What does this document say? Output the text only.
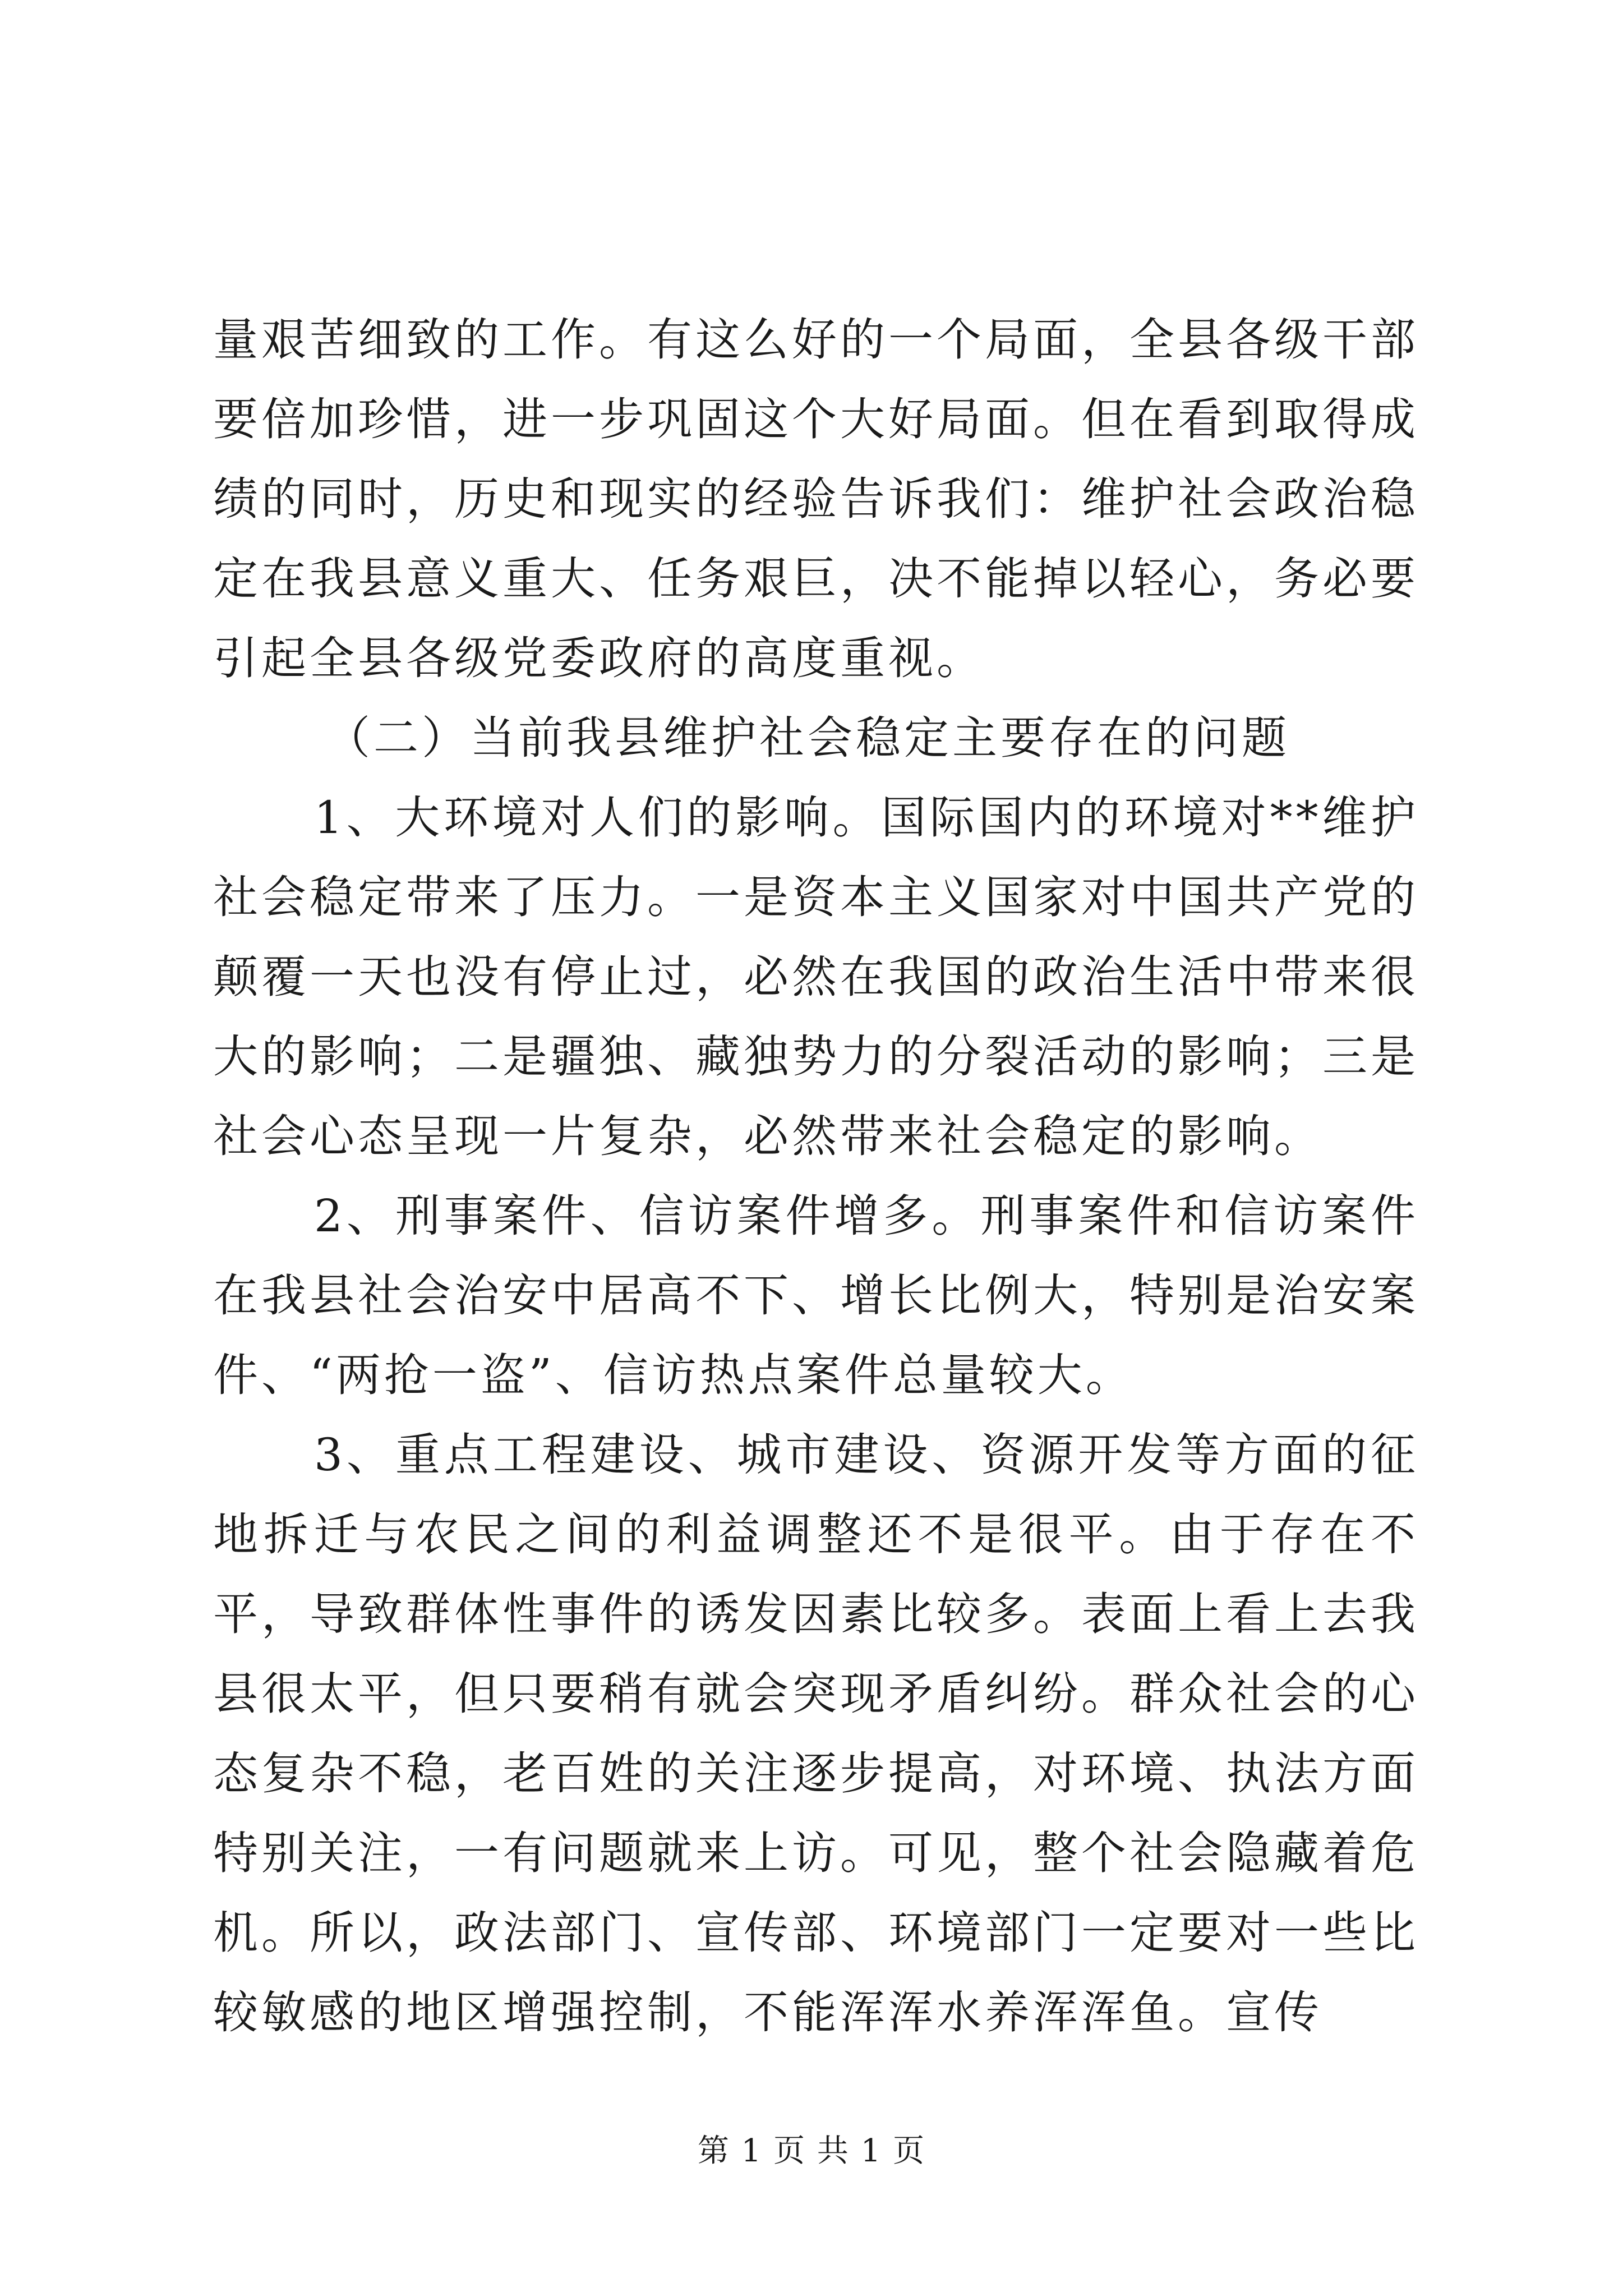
量艰苦细致的工作。有这么好的一个局面，全县各级干部要倍加珍惜，进一步巩固这个大好局面。但在看到取得成绩的同时，历史和现实的经验告诉我们：维护社会政治稳定在我县意义重大、任务艰巨，决不能掉以轻心，务必要引起全县各级党委政府的高度重视。

（二）当前我县维护社会稳定主要存在的问题

1、大环境对人们的影响。国际国内的环境对**维护社会稳定带来了压力。一是资本主义国家对中国共产党的颠覆一天也没有停止过，必然在我国的政治生活中带来很大的影响；二是疆独、藏独势力的分裂活动的影响；三是社会心态呈现一片复杂，必然带来社会稳定的影响。

2、刑事案件、信访案件增多。刑事案件和信访案件在我县社会治安中居高不下、增长比例大，特别是治安案件、“两抢一盗”、信访热点案件总量较大。

3、重点工程建设、城市建设、资源开发等方面的征地拆迁与农民之间的利益调整还不是很平。由于存在不平，导致群体性事件的诱发因素比较多。表面上看上去我县很太平，但只要稍有就会突现矛盾纠纷。群众社会的心态复杂不稳，老百姓的关注逐步提高，对环境、执法方面特别关注，一有问题就来上访。可见，整个社会隐藏着危机。所以，政法部门、宣传部、环境部门一定要对一些比较敏感的地区增强控制，不能浑浑水养浑浑鱼。宣传

第 1 页 共 1 页
